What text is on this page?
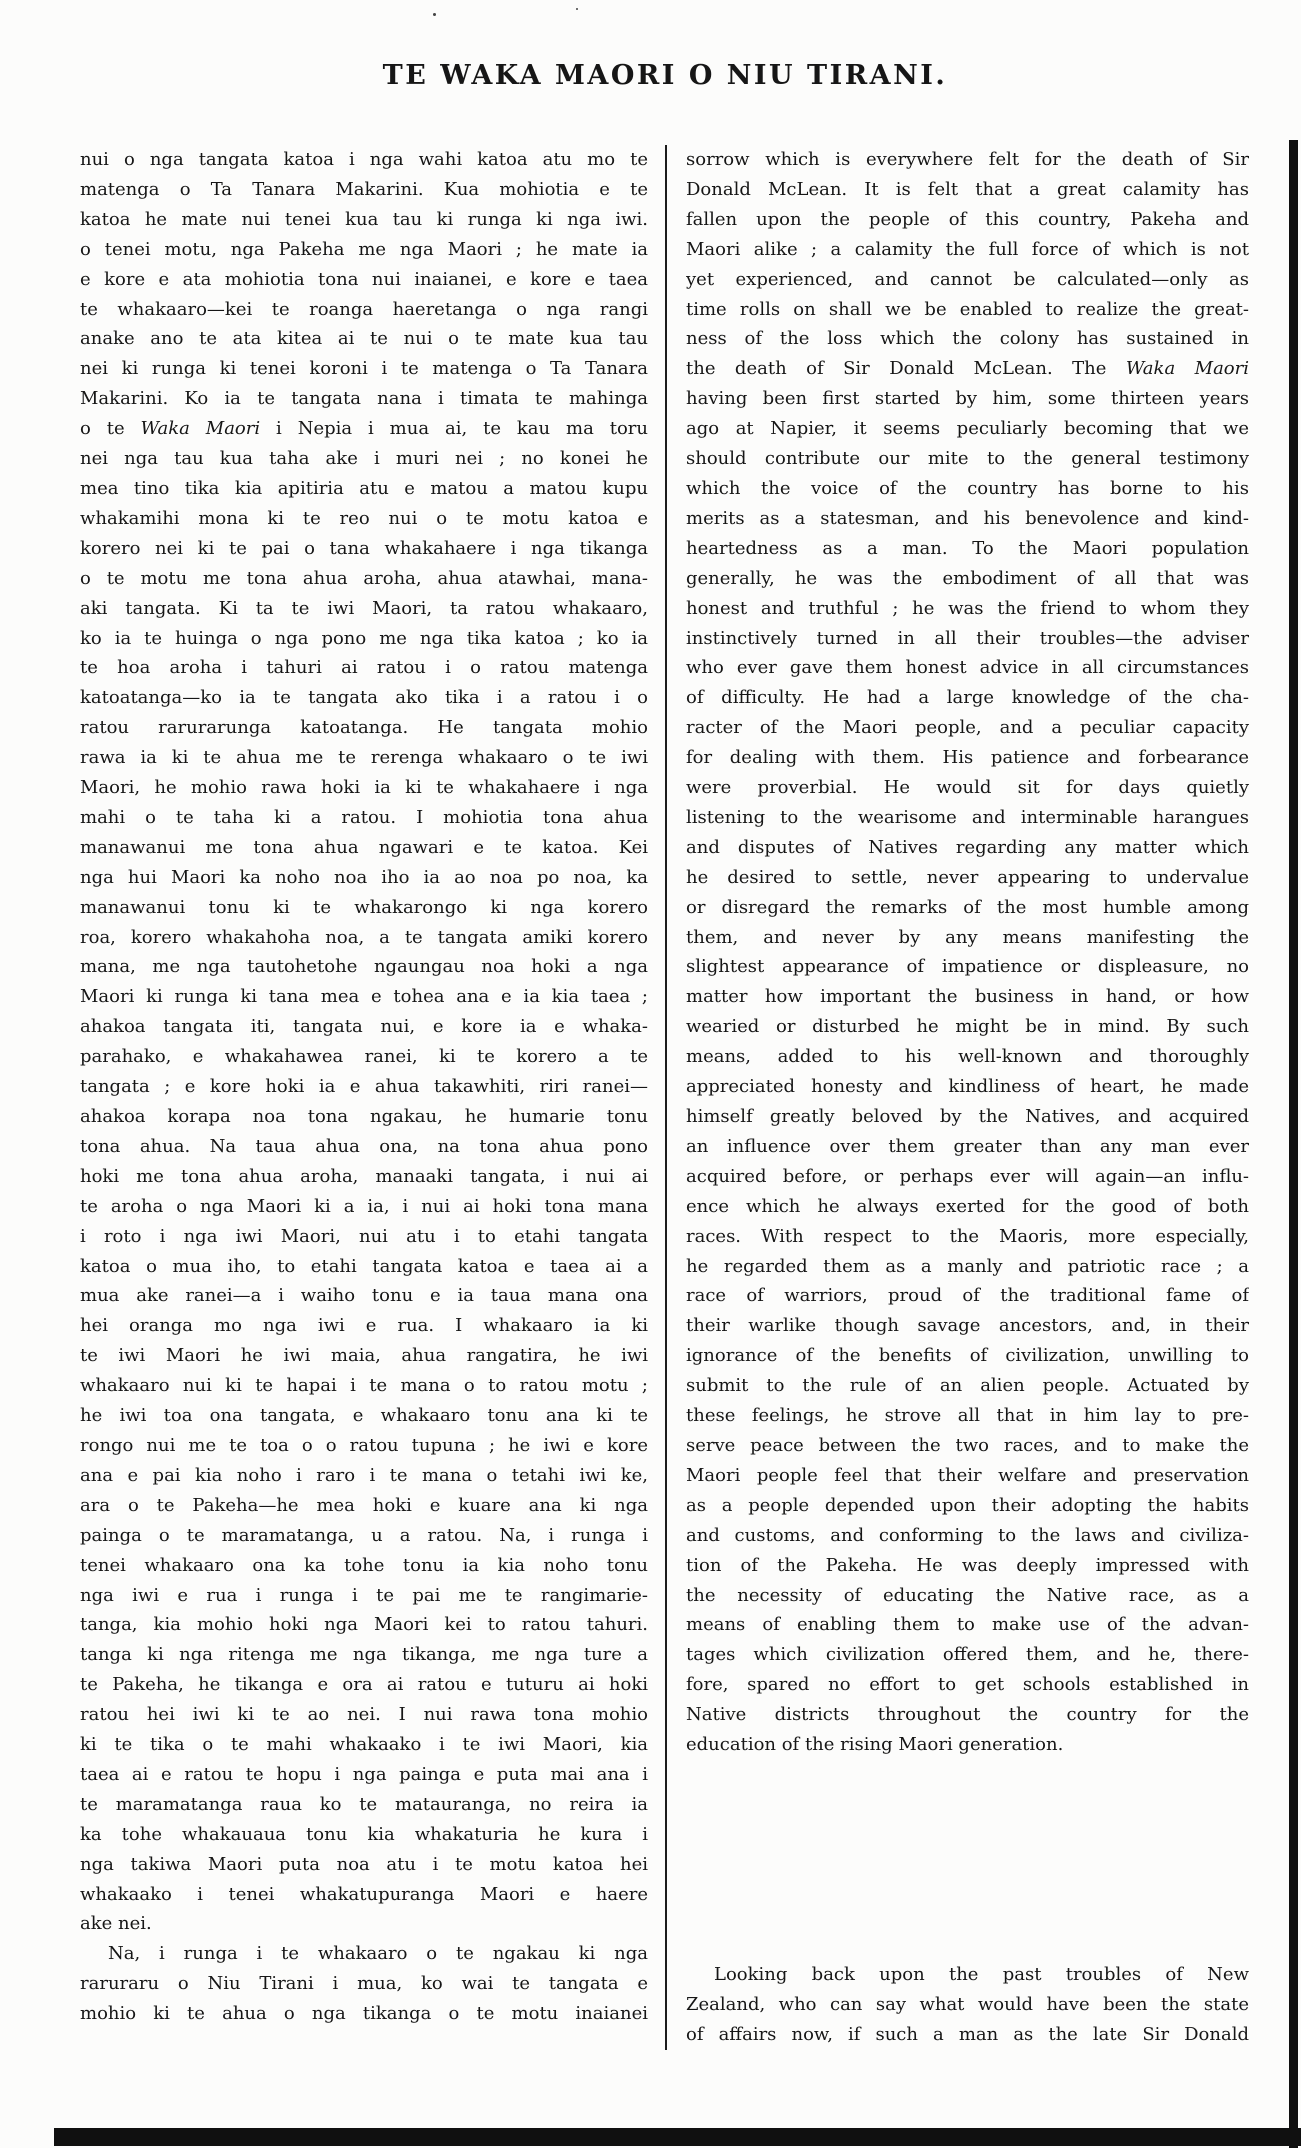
TE WAKA MAORI O NIU TIRANI.
nui o nga tangata katoa i nga wahi katoa atu mo te
matenga o Ta Tanara Makarini. Kua mohiotia e te
katoa he mate nui tenei kua tau ki runga ki nga iwi.
o tenei motu, nga Pakeha me nga Maori ; he mate ia
e kore e ata mohiotia tona nui inaianei, e kore e taea
te whakaaro—kei te roanga haeretanga o nga rangi
anake ano te ata kitea ai te nui o te mate kua tau
nei ki runga ki tenei koroni i te matenga o Ta Tanara
Makarini. Ko ia te tangata nana i timata te mahinga
o te Waka Maori i Nepia i mua ai, te kau ma toru
nei nga tau kua taha ake i muri nei ; no konei he
mea tino tika kia apitiria atu e matou a matou kupu
whakamihi mona ki te reo nui o te motu katoa e
korero nei ki te pai o tana whakahaere i nga tikanga
o te motu me tona ahua aroha, ahua atawhai, mana-
aki tangata. Ki ta te iwi Maori, ta ratou whakaaro,
ko ia te huinga o nga pono me nga tika katoa ; ko ia
te hoa aroha i tahuri ai ratou i o ratou matenga
katoatanga—ko ia te tangata ako tika i a ratou i o
ratou rarurarunga katoatanga. He tangata mohio
rawa ia ki te ahua me te rerenga whakaaro o te iwi
Maori, he mohio rawa hoki ia ki te whakahaere i nga
mahi o te taha ki a ratou. I mohiotia tona ahua
manawanui me tona ahua ngawari e te katoa. Kei
nga hui Maori ka noho noa iho ia ao noa po noa, ka
manawanui tonu ki te whakarongo ki nga korero
roa, korero whakahoha noa, a te tangata amiki korero
mana, me nga tautohetohe ngaungau noa hoki a nga
Maori ki runga ki tana mea e tohea ana e ia kia taea ;
ahakoa tangata iti, tangata nui, e kore ia e whaka-
parahako, e whakahawea ranei, ki te korero a te
tangata ; e kore hoki ia e ahua takawhiti, riri ranei—
ahakoa korapa noa tona ngakau, he humarie tonu
tona ahua. Na taua ahua ona, na tona ahua pono
hoki me tona ahua aroha, manaaki tangata, i nui ai
te aroha o nga Maori ki a ia, i nui ai hoki tona mana
i roto i nga iwi Maori, nui atu i to etahi tangata
katoa o mua iho, to etahi tangata katoa e taea ai a
mua ake ranei—a i waiho tonu e ia taua mana ona
hei oranga mo nga iwi e rua. I whakaaro ia ki
te iwi Maori he iwi maia, ahua rangatira, he iwi
whakaaro nui ki te hapai i te mana o to ratou motu ;
he iwi toa ona tangata, e whakaaro tonu ana ki te
rongo nui me te toa o o ratou tupuna ; he iwi e kore
ana e pai kia noho i raro i te mana o tetahi iwi ke,
ara o te Pakeha—he mea hoki e kuare ana ki nga
painga o te maramatanga, u a ratou. Na, i runga i
tenei whakaaro ona ka tohe tonu ia kia noho tonu
nga iwi e rua i runga i te pai me te rangimarie-
tanga, kia mohio hoki nga Maori kei to ratou tahuri.
tanga ki nga ritenga me nga tikanga, me nga ture a
te Pakeha, he tikanga e ora ai ratou e tuturu ai hoki
ratou hei iwi ki te ao nei. I nui rawa tona mohio
ki te tika o te mahi whakaako i te iwi Maori, kia
taea ai e ratou te hopu i nga painga e puta mai ana i
te maramatanga raua ko te matauranga, no reira ia
ka tohe whakauaua tonu kia whakaturia he kura i
nga takiwa Maori puta noa atu i te motu katoa hei
whakaako i tenei whakatupuranga Maori e haere
ake nei.
Na, i runga i te whakaaro o te ngakau ki nga
raruraru o Niu Tirani i mua, ko wai te tangata e
mohio ki te ahua o nga tikanga o te motu inaianei
sorrow which is everywhere felt for the death of Sir
Donald McLean. It is felt that a great calamity has
fallen upon the people of this country, Pakeha and
Maori alike ; a calamity the full force of which is not
yet experienced, and cannot be calculated—only as
time rolls on shall we be enabled to realize the great-
ness of the loss which the colony has sustained in
the death of Sir Donald McLean. The Waka Maori
having been first started by him, some thirteen years
ago at Napier, it seems peculiarly becoming that we
should contribute our mite to the general testimony
which the voice of the country has borne to his
merits as a statesman, and his benevolence and kind-
heartedness as a man. To the Maori population
generally, he was the embodiment of all that was
honest and truthful ; he was the friend to whom they
instinctively turned in all their troubles—the adviser
who ever gave them honest advice in all circumstances
of difficulty. He had a large knowledge of the cha-
racter of the Maori people, and a peculiar capacity
for dealing with them. His patience and forbearance
were proverbial. He would sit for days quietly
listening to the wearisome and interminable harangues
and disputes of Natives regarding any matter which
he desired to settle, never appearing to undervalue
or disregard the remarks of the most humble among
them, and never by any means manifesting the
slightest appearance of impatience or displeasure, no
matter how important the business in hand, or how
wearied or disturbed he might be in mind. By such
means, added to his well-known and thoroughly
appreciated honesty and kindliness of heart, he made
himself greatly beloved by the Natives, and acquired
an influence over them greater than any man ever
acquired before, or perhaps ever will again—an influ-
ence which he always exerted for the good of both
races. With respect to the Maoris, more especially,
he regarded them as a manly and patriotic race ; a
race of warriors, proud of the traditional fame of
their warlike though savage ancestors, and, in their
ignorance of the benefits of civilization, unwilling to
submit to the rule of an alien people. Actuated by
these feelings, he strove all that in him lay to pre-
serve peace between the two races, and to make the
Maori people feel that their welfare and preservation
as a people depended upon their adopting the habits
and customs, and conforming to the laws and civiliza-
tion of the Pakeha. He was deeply impressed with
the necessity of educating the Native race, as a
means of enabling them to make use of the advan-
tages which civilization offered them, and he, there-
fore, spared no effort to get schools established in
Native districts throughout the country for the
education of the rising Maori generation.
Looking back upon the past troubles of New
Zealand, who can say what would have been the state
of affairs now, if such a man as the late Sir Donald
